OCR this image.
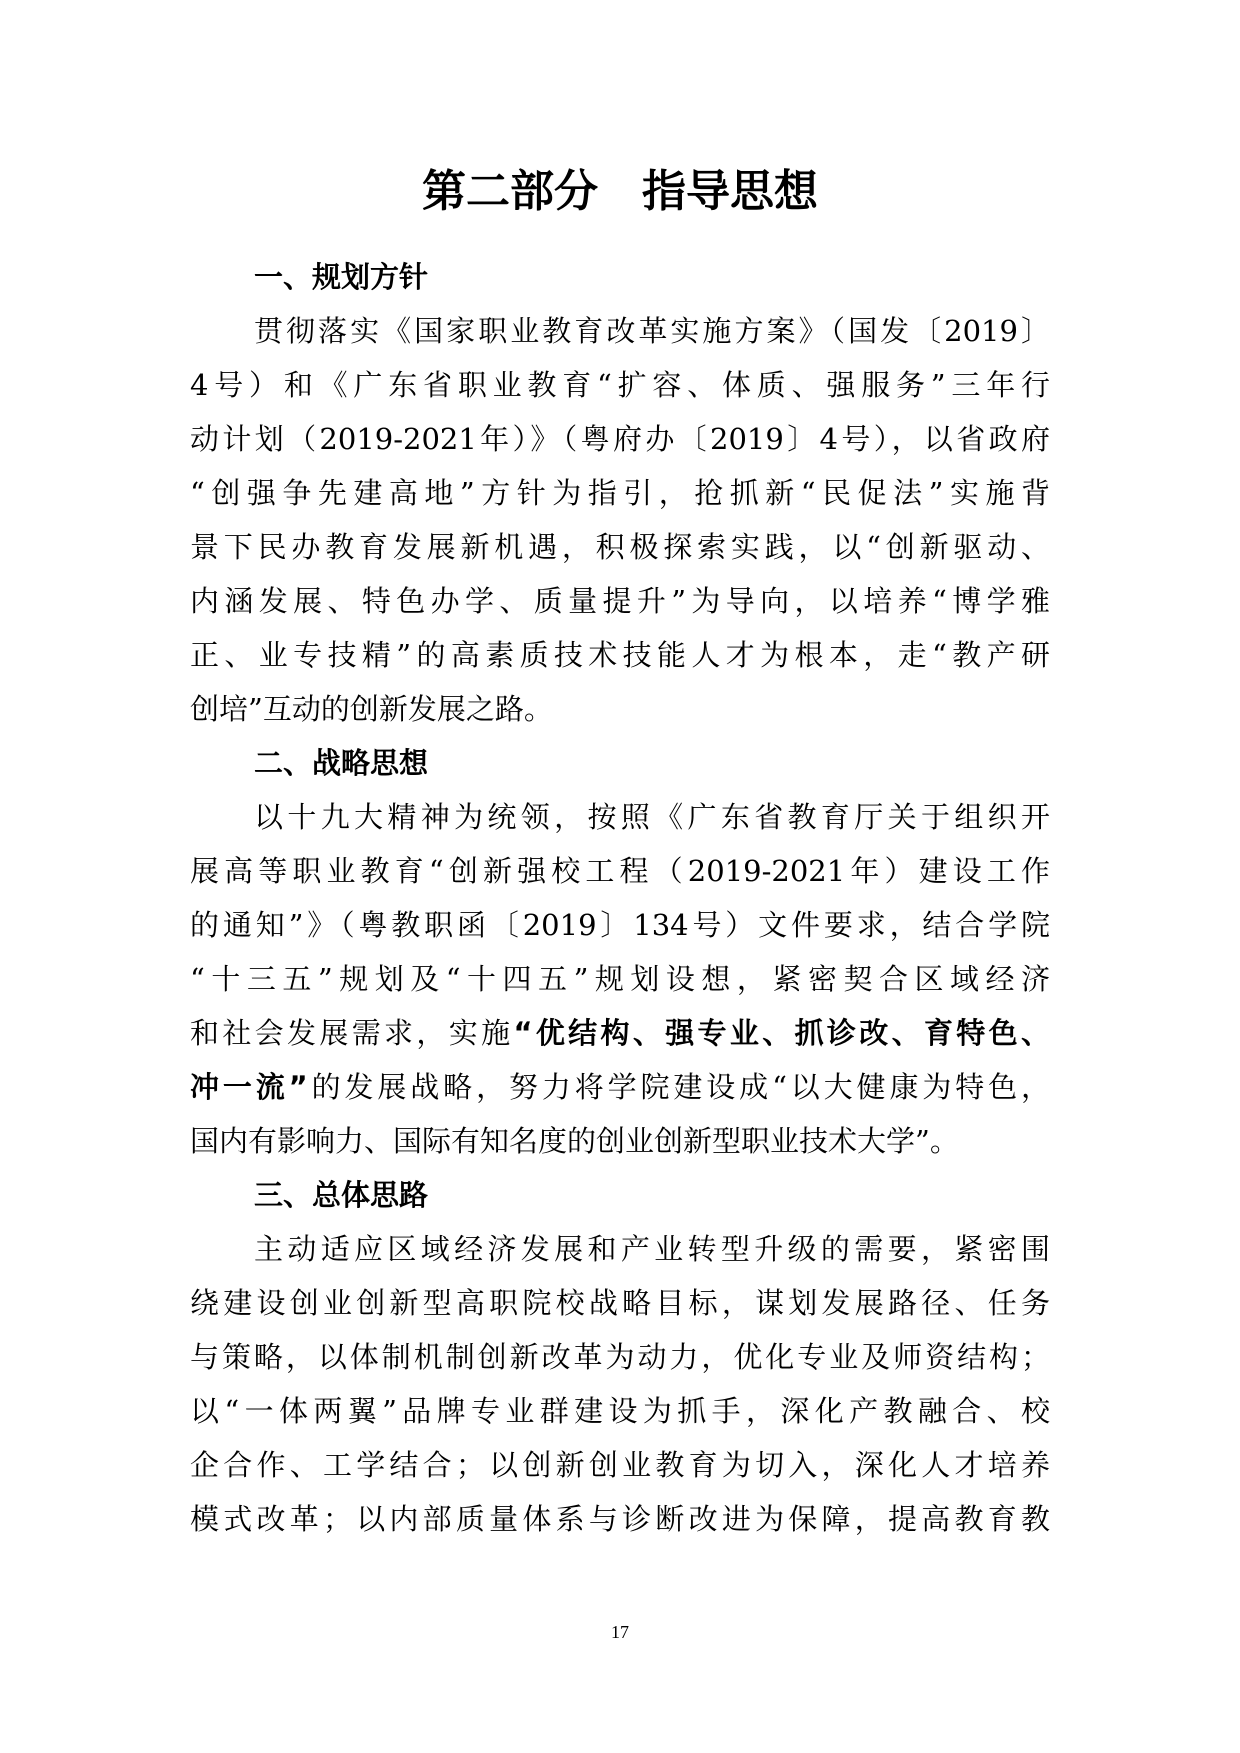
第二部分　指导思想
一、规划方针
贯彻落实《国家职业教育改革实施方案》（国发〔2019〕
4号）和《广东省职业教育“扩容、体质、强服务”三年行
动计划（2019-2021年）》（粤府办〔2019〕4号），以省政府
“创强争先建高地”方针为指引，抢抓新“民促法”实施背
景下民办教育发展新机遇，积极探索实践，以“创新驱动、
内涵发展、特色办学、质量提升”为导向，以培养“博学雅
正、业专技精”的高素质技术技能人才为根本，走“教产研
创培”互动的创新发展之路。
二、战略思想
以十九大精神为统领，按照《广东省教育厅关于组织开
展高等职业教育“创新强校工程（2019-2021年）建设工作
的通知”》（粤教职函〔2019〕134号）文件要求，结合学院
“十三五”规划及“十四五”规划设想，紧密契合区域经济
和社会发展需求，实施“优结构、强专业、抓诊改、育特色、
冲一流”的发展战略，努力将学院建设成“以大健康为特色，
国内有影响力、国际有知名度的创业创新型职业技术大学”。
三、总体思路
主动适应区域经济发展和产业转型升级的需要，紧密围
绕建设创业创新型高职院校战略目标，谋划发展路径、任务
与策略，以体制机制创新改革为动力，优化专业及师资结构；
以“一体两翼”品牌专业群建设为抓手，深化产教融合、校
企合作、工学结合；以创新创业教育为切入，深化人才培养
模式改革；以内部质量体系与诊断改进为保障，提高教育教
17
